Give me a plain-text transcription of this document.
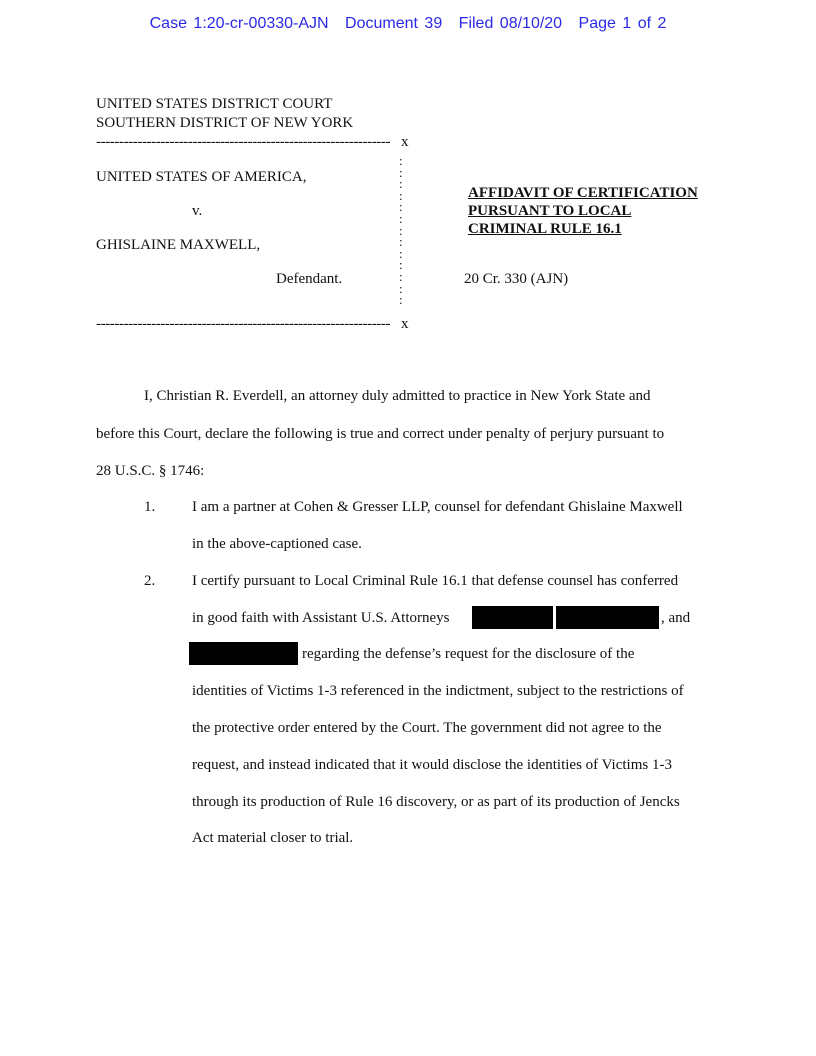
Case 1:20-cr-00330-AJN Document 39 Filed 08/10/20 Page 1 of 2
UNITED STATES DISTRICT COURT
SOUTHERN DISTRICT OF NEW YORK
---------------------------------------------------------------- x
:
:
:
:
:
:
:
:
:
:
:
:
:
UNITED STATES OF AMERICA,
v.
GHISLAINE MAXWELL,
Defendant.
---------------------------------------------------------------- x
AFFIDAVIT OF CERTIFICATION
PURSUANT TO LOCAL
CRIMINAL RULE 16.1
20 Cr. 330 (AJN)
I, Christian R. Everdell, an attorney duly admitted to practice in New York State and
before this Court, declare the following is true and correct under penalty of perjury pursuant to
28 U.S.C. § 1746:
1. I am a partner at Cohen & Gresser LLP, counsel for defendant Ghislaine Maxwell
in the above-captioned case.
2. I certify pursuant to Local Criminal Rule 16.1 that defense counsel has conferred
in good faith with Assistant U.S. Attorneys	, and
regarding the defense’s request for the disclosure of the
identities of Victims 1-3 referenced in the indictment, subject to the restrictions of
the protective order entered by the Court. The government did not agree to the
request, and instead indicated that it would disclose the identities of Victims 1-3
through its production of Rule 16 discovery, or as part of its production of Jencks
Act material closer to trial.
